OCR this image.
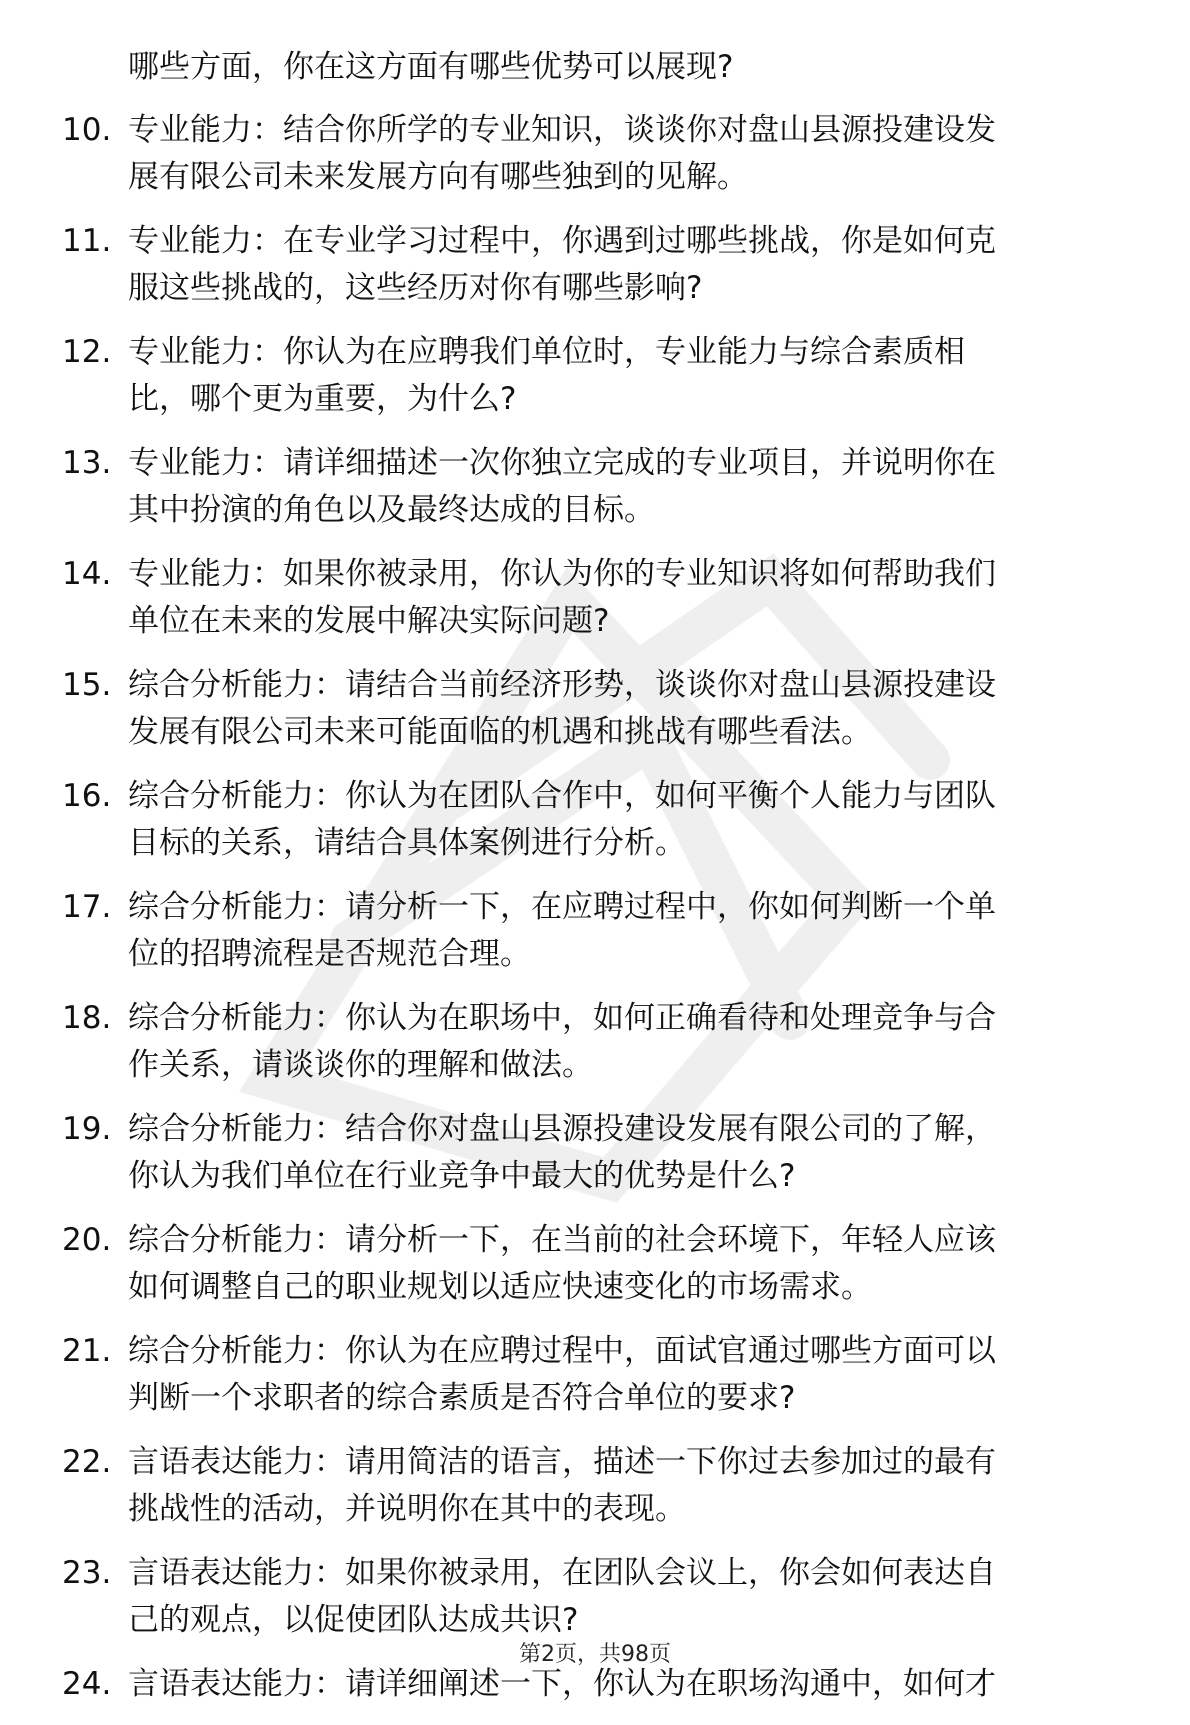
哪些方面，你在这方面有哪些优势可以展现?
10. 专业能力：结合你所学的专业知识，谈谈你对盘山县源投建设发
展有限公司未来发展方向有哪些独到的见解。
11. 专业能力：在专业学习过程中，你遇到过哪些挑战，你是如何克
服这些挑战的，这些经历对你有哪些影响?
12. 专业能力：你认为在应聘我们单位时，专业能力与综合素质相
比，哪个更为重要，为什么?
13. 专业能力：请详细描述一次你独立完成的专业项目，并说明你在
其中扮演的角色以及最终达成的目标。
14. 专业能力：如果你被录用，你认为你的专业知识将如何帮助我们
单位在未来的发展中解决实际问题?
15. 综合分析能力：请结合当前经济形势，谈谈你对盘山县源投建设
发展有限公司未来可能面临的机遇和挑战有哪些看法。
16. 综合分析能力：你认为在团队合作中，如何平衡个人能力与团队
目标的关系，请结合具体案例进行分析。
17. 综合分析能力：请分析一下，在应聘过程中，你如何判断一个单
位的招聘流程是否规范合理。
18. 综合分析能力：你认为在职场中，如何正确看待和处理竞争与合
作关系，请谈谈你的理解和做法。
19. 综合分析能力：结合你对盘山县源投建设发展有限公司的了解，
你认为我们单位在行业竞争中最大的优势是什么?
20. 综合分析能力：请分析一下，在当前的社会环境下，年轻人应该
如何调整自己的职业规划以适应快速变化的市场需求。
21. 综合分析能力：你认为在应聘过程中，面试官通过哪些方面可以
判断一个求职者的综合素质是否符合单位的要求?
22. 言语表达能力：请用简洁的语言，描述一下你过去参加过的最有
挑战性的活动，并说明你在其中的表现。
23. 言语表达能力：如果你被录用，在团队会议上，你会如何表达自
己的观点，以促使团队达成共识?
24. 言语表达能力：请详细阐述一下，你认为在职场沟通中，如何才
第2页，共98页
